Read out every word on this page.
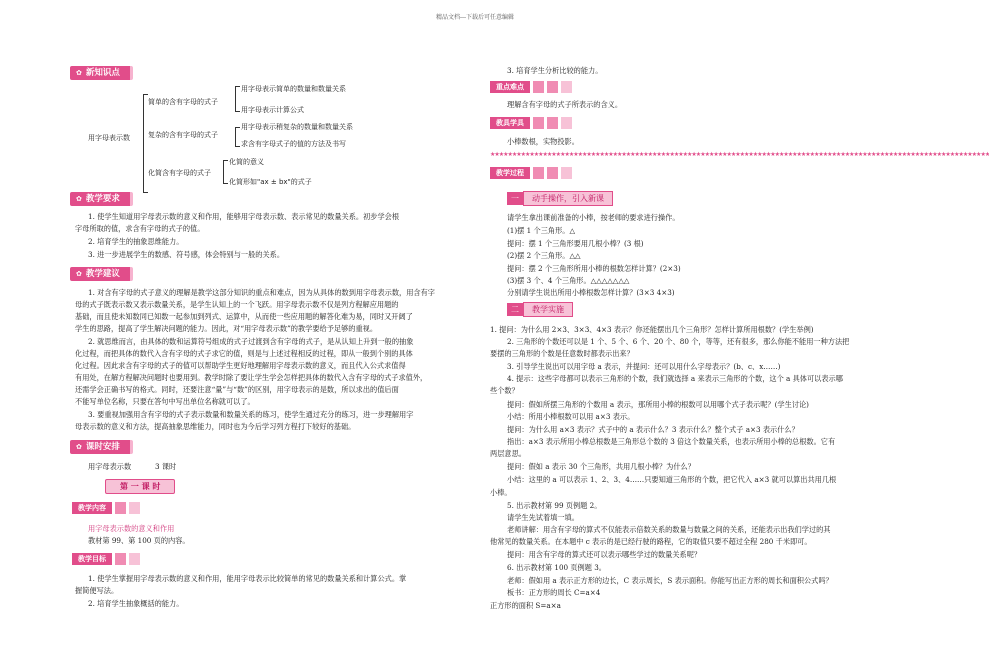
精品文档---下载后可任意编辑
✿ 新知识点
用字母表示数
简单的含有字母的式子
用字母表示简单的数量和数量关系
用字母表示计算公式
复杂的含有字母的式子
用字母表示稍复杂的数量和数量关系
求含有字母式子的值的方法及书写
化简含有字母的式子
化简的意义
化简形如"ax ± bx"的式子
✿ 教学要求
1. 使学生知道用字母表示数的意义和作用，能够用字母表示数、表示常见的数量关系。初步学会根
字母所取的值，求含有字母的式子的值。
2. 培育学生的抽象思维能力。
3. 进一步进展学生的数感、符号感，体会特别与一般的关系。
✿ 教学建议
1. 对含有字母的式子意义的理解是教学这部分知识的重点和难点，因为从具体的数到用字母表示数，用含有字
母的式子既表示数又表示数量关系，是学生认知上的一个飞跃。用字母表示数不仅是列方程解应用题的
基础，而且使未知数同已知数一起参加到列式、运算中，从而使一些应用题的解答化难为易，同时又开阔了
学生的思路，提高了学生解决问题的能力。因此，对“用字母表示数”的教学要给予足够的重视。
2. 就思维而言，由具体的数和运算符号组成的式子过渡到含有字母的式子，是从认知上升到一般的抽象
化过程，而把具体的数代入含有字母的式子求它的值，则是与上述过程相反的过程，即从一般到个别的具体
化过程。因此求含有字母的式子的值可以帮助学生更好地理解用字母表示数的意义，而且代入公式求值得
有用处，在解方程解决问题时也要用到。教学时除了要让学生学会怎样把具体的数代入含有字母的式子求值外，
还需学会正确书写的格式。同时，还要注意“量”与“数”的区别，用字母表示的是数，所以求出的值后面
不能写单位名称，只要在答句中写出单位名称就可以了。
3. 要重视加强用含有字母的式子表示数量和数量关系的练习，使学生通过充分的练习，进一步理解用字
母表示数的意义和方法，提高抽象思维能力，同时也为今后学习列方程打下较好的基础。
✿ 课时安排
用字母表示数	3 课时
第 一 课 时
教学内容
用字母表示数的意义和作用
教材第 99、第 100 页的内容。
教学目标
1. 使学生掌握用字母表示数的意义和作用，能用字母表示比较简单的常见的数量关系和计算公式。掌
握简便写法。
2. 培育学生抽象概括的能力。
3. 培育学生分析比较的能力。
重点难点
理解含有字母的式子所表示的含义。
教具学具
小棒数根，实物投影。
★★★★★★★★★★★★★★★★★★★★★★★★★★★★★★★★★★★★★★★★★★★★★★★★★★★★★★★★★★★★★★★★★★★★★★★★★★★★★★★★★★★★★★★★★★★★★★★★★★★★★★★★★★★★★★★★★★
教学过程
一	动手操作，引入新课
请学生拿出课前准备的小棒，按老师的要求进行操作。
(1)摆 1 个三角形。△
提问：摆 1 个三角形要用几根小棒？(3 根)
(2)摆 2 个三角形。△△
提问：摆 2 个三角形所用小棒的根数怎样计算？(2×3)
(3)摆 3 个、4 个三角形。△△△△△△△
分别请学生说出所用小棒根数怎样计算？(3×3 4×3)
二	教学实施
1. 提问：为什么用 2×3、3×3、4×3 表示？你还能摆出几个三角形？怎样计算所用根数？(学生举例)
2. 三角形的个数还可以是 1 个、5 个、6 个、20 个、80 个，等等，还有很多，那么你能不能用一种方法把
要摆的三角形的个数是任意数时都表示出来？
3. 引导学生说出可以用字母 a 表示，并提问：还可以用什么字母表示？(b、c、x……)
4. 提示：这些字母都可以表示三角形的个数，我们就选择 a 来表示三角形的个数，这个 a 具体可以表示哪
些个数？
提问：假如所摆三角形的个数用 a 表示，那所用小棒的根数可以用哪个式子表示呢？(学生讨论)
小结：所用小棒根数可以用 a×3 表示。
提问：为什么用 a×3 表示？式子中的 a 表示什么？3 表示什么？整个式子 a×3 表示什么？
指出：a×3 表示所用小棒总根数是三角形总个数的 3 倍这个数量关系，也表示所用小棒的总根数。它有
两层意思。
提问：假如 a 表示 30 个三角形，共用几根小棒？为什么？
小结：这里的 a 可以表示 1、2、3、4……只要知道三角形的个数，把它代入 a×3 就可以算出共用几根
小棒。
5. 出示教材第 99 页例题 2。
请学生先试着填一填。
老师讲解：用含有字母的算式不仅能表示倍数关系的数量与数量之间的关系，还能表示出我们学过的其
他常见的数量关系。在本题中 c 表示的是已经行驶的路程，它的取值只要不超过全程 280 千米即可。
提问：用含有字母的算式还可以表示哪些学过的数量关系呢？
6. 出示教材第 100 页例题 3。
老师：假如用 a 表示正方形的边长，C 表示周长，S 表示面积。你能写出正方形的周长和面积公式吗？
板书：正方形的周长 C=a×4
正方形的面积 S=a×a
